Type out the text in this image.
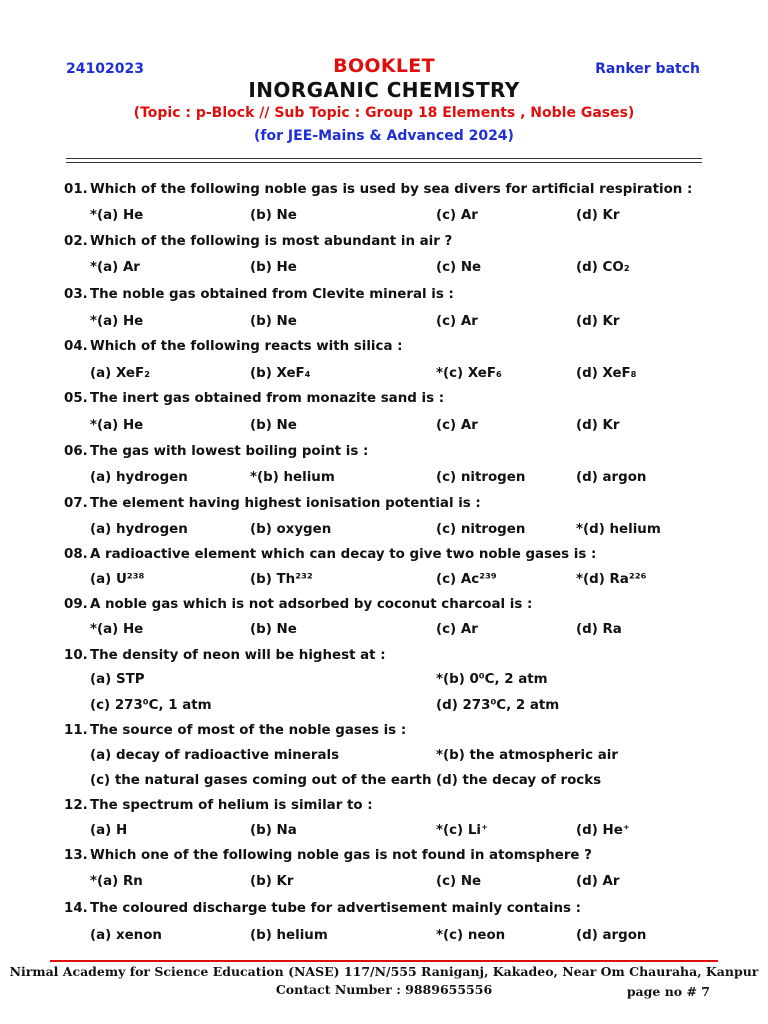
24102023	BOOKLET	Ranker batch
INORGANIC CHEMISTRY
(Topic : p-Block // Sub Topic : Group 18 Elements , Noble Gases)
(for JEE-Mains & Advanced 2024)
01. Which of the following noble gas is used by sea divers for artificial respiration :
*(a) He	(b) Ne	(c) Ar	(d) Kr
02. Which of the following is most abundant in air ?
*(a) Ar	(b) He	(c) Ne	(d) CO₂
03. The noble gas obtained from Clevite mineral is :
*(a) He	(b) Ne	(c) Ar	(d) Kr
04. Which of the following reacts with silica :
(a) XeF₂	(b) XeF₄	*(c) XeF₆	(d) XeF₈
05. The inert gas obtained from monazite sand is :
*(a) He	(b) Ne	(c) Ar	(d) Kr
06. The gas with lowest boiling point is :
(a) hydrogen	*(b) helium	(c) nitrogen	(d) argon
07. The element having highest ionisation potential is :
(a) hydrogen	(b) oxygen	(c) nitrogen	*(d) helium
08. A radioactive element which can decay to give two noble gases is :
(a) U²³⁸	(b) Th²³²	(c) Ac²³⁹	*(d) Ra²²⁶
09. A noble gas which is not adsorbed by coconut charcoal is :
*(a) He	(b) Ne	(c) Ar	(d) Ra
10. The density of neon will be highest at :
(a) STP	*(b) 0⁰C, 2 atm
(c) 273⁰C, 1 atm	(d) 273⁰C, 2 atm
11. The source of most of the noble gases is :
(a) decay of radioactive minerals	*(b) the atmospheric air
(c) the natural gases coming out of the earth (d) the decay of rocks
12. The spectrum of helium is similar to :
(a) H	(b) Na	*(c) Li⁺	(d) He⁺
13. Which one of the following noble gas is not found in atomsphere ?
*(a) Rn	(b) Kr	(c) Ne	(d) Ar
14. The coloured discharge tube for advertisement mainly contains :
(a) xenon	(b) helium	*(c) neon	(d) argon
Nirmal Academy for Science Education (NASE) 117/N/555 Raniganj, Kakadeo, Near Om Chauraha, Kanpur
Contact Number : 9889655556	page no # 7
